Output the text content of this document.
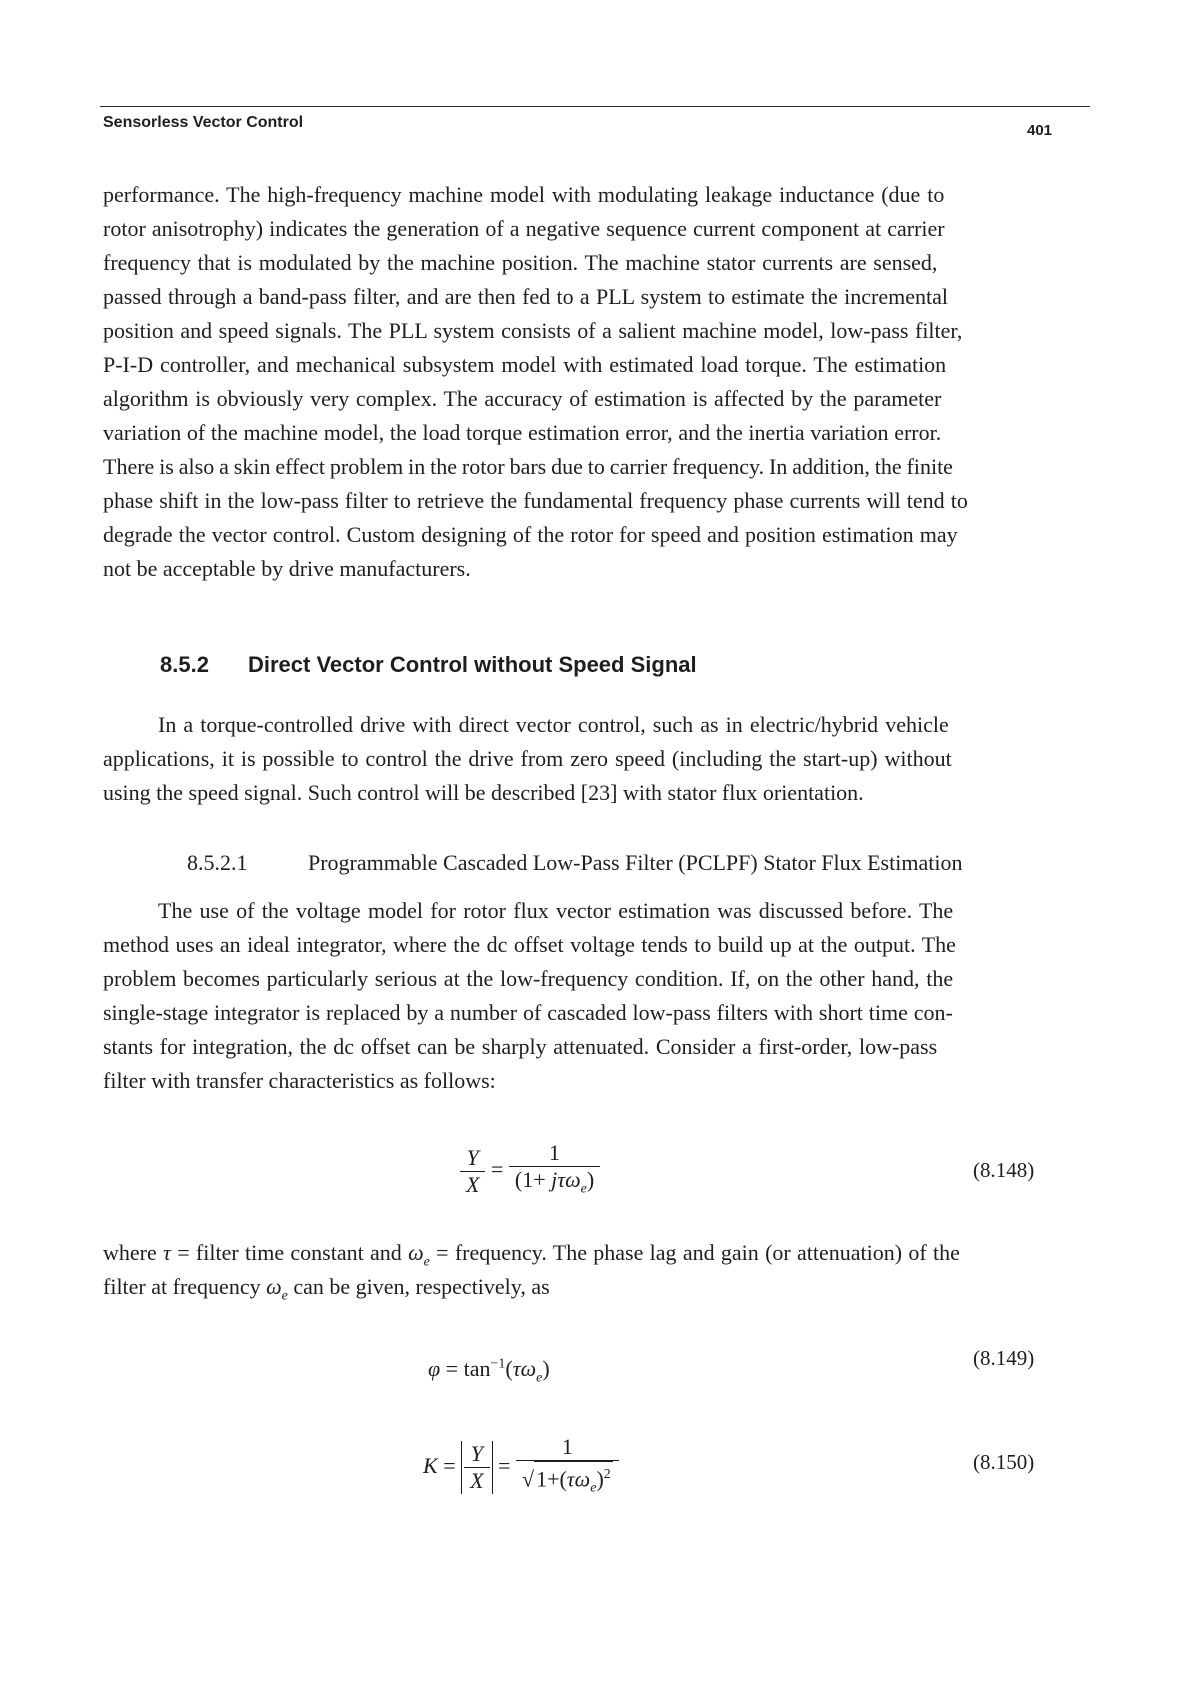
Sensorless Vector Control	401
performance. The high-frequency machine model with modulating leakage inductance (due to
rotor anisotrophy) indicates the generation of a negative sequence current component at carrier
frequency that is modulated by the machine position. The machine stator currents are sensed,
passed through a band-pass filter, and are then fed to a PLL system to estimate the incremental
position and speed signals. The PLL system consists of a salient machine model, low-pass filter,
P-I-D controller, and mechanical subsystem model with estimated load torque. The estimation
algorithm is obviously very complex. The accuracy of estimation is affected by the parameter
variation of the machine model, the load torque estimation error, and the inertia variation error.
There is also a skin effect problem in the rotor bars due to carrier frequency. In addition, the finite
phase shift in the low-pass filter to retrieve the fundamental frequency phase currents will tend to
degrade the vector control. Custom designing of the rotor for speed and position estimation may
not be acceptable by drive manufacturers.
8.5.2 Direct Vector Control without Speed Signal
In a torque-controlled drive with direct vector control, such as in electric/hybrid vehicle
applications, it is possible to control the drive from zero speed (including the start-up) without
using the speed signal. Such control will be described [23] with stator flux orientation.
8.5.2.1	Programmable Cascaded Low-Pass Filter (PCLPF) Stator Flux Estimation
The use of the voltage model for rotor flux vector estimation was discussed before. The
method uses an ideal integrator, where the dc offset voltage tends to build up at the output. The
problem becomes particularly serious at the low-frequency condition. If, on the other hand, the
single-stage integrator is replaced by a number of cascaded low-pass filters with short time con-
stants for integration, the dc offset can be sharply attenuated. Consider a first-order, low-pass
filter with transfer characteristics as follows:
$\frac{Y}{X} = \frac{1}{(1+ j\tau\omega_e)}$	(8.148)
where τ = filter time constant and $\omega_e$ = frequency. The phase lag and gain (or attenuation) of the
filter at frequency $\omega_e$ can be given, respectively, as
$\varphi = \tan^{-1}(\tau\omega_e)$	(8.149)
$K = \frac{Y}{X} = \frac{1}{√1+(\tau\omega_e)^2}$	(8.150)
